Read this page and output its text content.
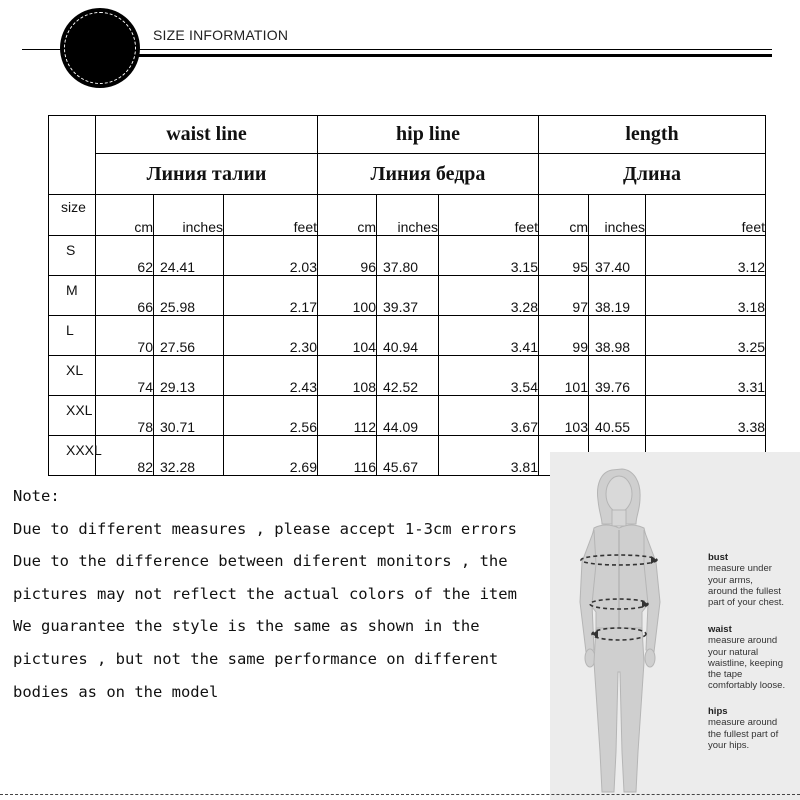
SIZE INFORMATION
	waist line			hip line			length		
	Линия талии			Линия бедра			Длина		
size	cm	inches	feet	cm	inches	feet	cm	inches	feet
S	62	24.41	2.03	96	37.80	3.15	95	37.40	3.12
M	66	25.98	2.17	100	39.37	3.28	97	38.19	3.18
L	70	27.56	2.30	104	40.94	3.41	99	38.98	3.25
XL	74	29.13	2.43	108	42.52	3.54	101	39.76	3.31
XXL	78	30.71	2.56	112	44.09	3.67	103	40.55	3.38
XXXL	82	32.28	2.69	116	45.67	3.81			
Note:
Due to different measures , please accept 1-3cm errors
Due to the difference between diferent monitors , the
pictures may not reflect the actual colors of the item
We guarantee the style is the same as shown in the
pictures , but not the same performance on different
bodies as on the model
bust
measure under
your arms,
around the fullest
part of your chest.
waist
measure around
your natural
waistline, keeping
the tape
comfortably loose.
hips
measure around
the fullest part of
your hips.
